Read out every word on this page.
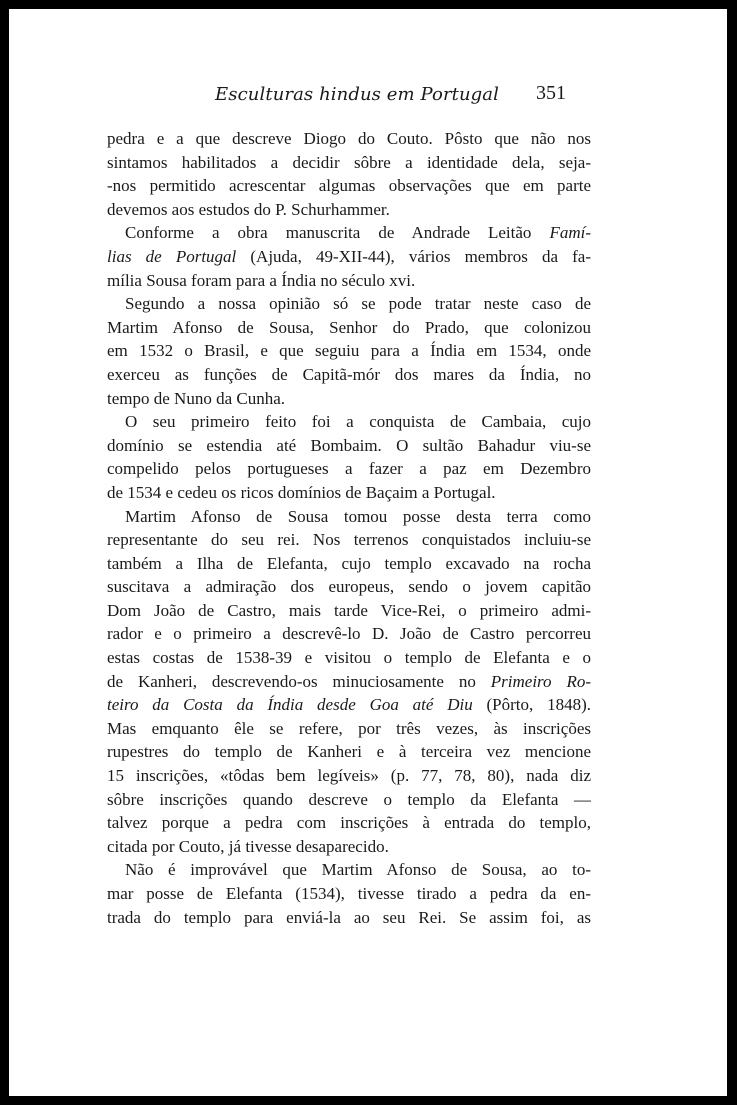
Esculturas hindus em Portugal 351
pedra e a que descreve Diogo do Couto. Pôsto que não nos
sintamos habilitados a decidir sôbre a identidade dela, seja-
-nos permitido acrescentar algumas observações que em parte
devemos aos estudos do P. Schurhammer.
Conforme a obra manuscrita de Andrade Leitão Famí-
lias de Portugal (Ajuda, 49-XII-44), vários membros da fa-
mília Sousa foram para a Índia no século xvi.
Segundo a nossa opinião só se pode tratar neste caso de
Martim Afonso de Sousa, Senhor do Prado, que colonizou
em 1532 o Brasil, e que seguiu para a Índia em 1534, onde
exerceu as funções de Capitã-mór dos mares da Índia, no
tempo de Nuno da Cunha.
O seu primeiro feito foi a conquista de Cambaia, cujo
domínio se estendia até Bombaim. O sultão Bahadur viu-se
compelido pelos portugueses a fazer a paz em Dezembro
de 1534 e cedeu os ricos domínios de Baçaim a Portugal.
Martim Afonso de Sousa tomou posse desta terra como
representante do seu rei. Nos terrenos conquistados incluiu-se
também a Ilha de Elefanta, cujo templo excavado na rocha
suscitava a admiração dos europeus, sendo o jovem capitão
Dom João de Castro, mais tarde Vice-Rei, o primeiro admi-
rador e o primeiro a descrevê-lo D. João de Castro percorreu
estas costas de 1538-39 e visitou o templo de Elefanta e o
de Kanheri, descrevendo-os minuciosamente no Primeiro Ro-
teiro da Costa da Índia desde Goa até Diu (Pôrto, 1848).
Mas emquanto êle se refere, por três vezes, às inscrições
rupestres do templo de Kanheri e à terceira vez mencione
15 inscrições, «tôdas bem legíveis» (p. 77, 78, 80), nada diz
sôbre inscrições quando descreve o templo da Elefanta —
talvez porque a pedra com inscrições à entrada do templo,
citada por Couto, já tivesse desaparecido.
Não é improvável que Martim Afonso de Sousa, ao to-
mar posse de Elefanta (1534), tivesse tirado a pedra da en-
trada do templo para enviá-la ao seu Rei. Se assim foi, as
